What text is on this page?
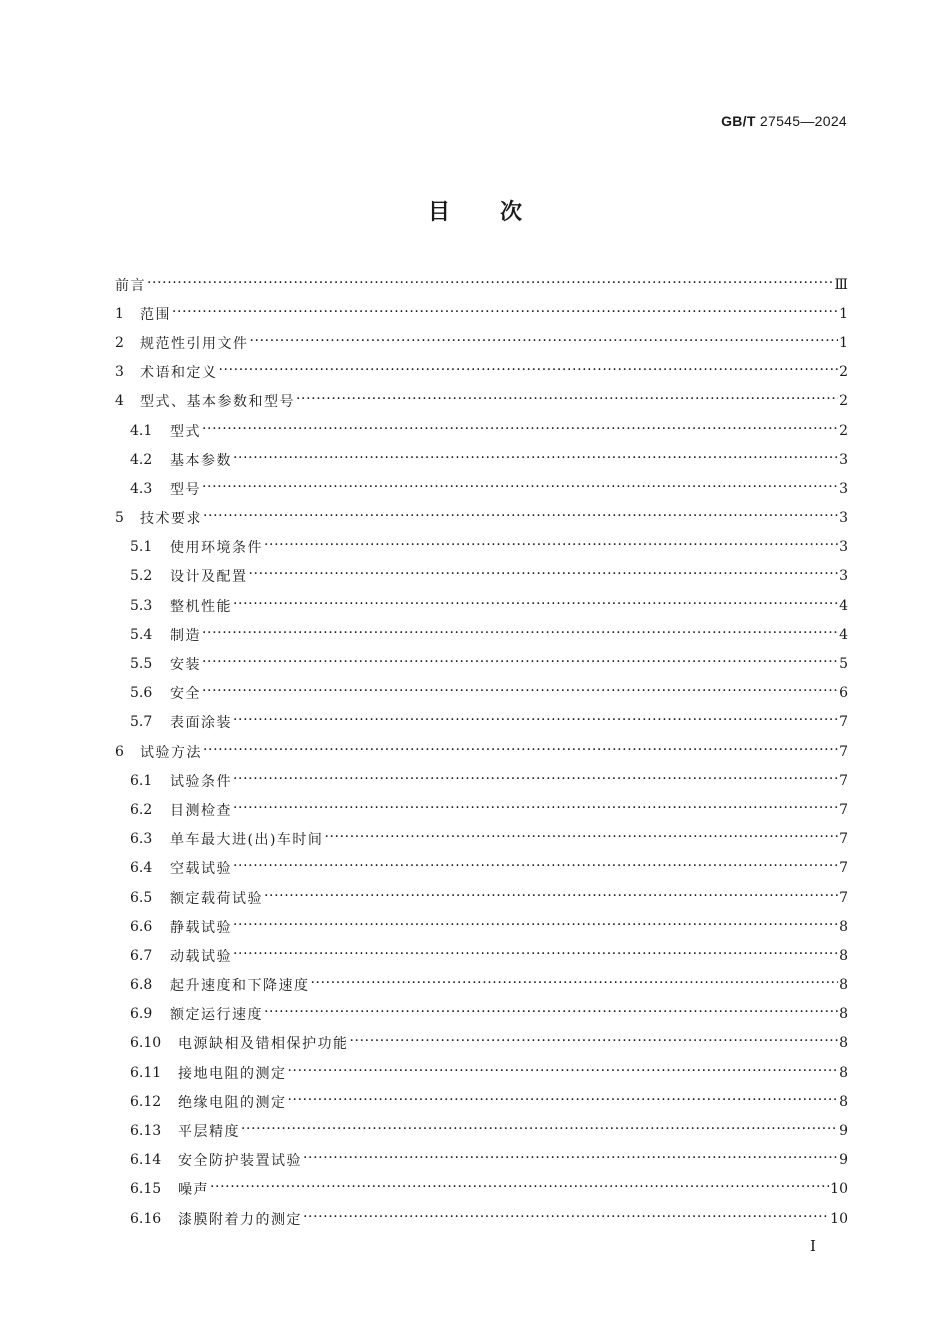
GB/T 27545—2024
目 次
前言 ·····	Ⅲ
1	范围 ·····	1
2	规范性引用文件 ·····	1
3	术语和定义 ·····	2
4	型式、基本参数和型号 ·····	2
4.1	型式 ·····	2
4.2	基本参数 ·····	3
4.3	型号 ·····	3
5	技术要求 ·····	3
5.1	使用环境条件 ·····	3
5.2	设计及配置 ·····	3
5.3	整机性能 ·····	4
5.4	制造 ·····	4
5.5	安装 ·····	5
5.6	安全 ·····	6
5.7	表面涂装 ·····	7
6	试验方法 ·····	7
6.1	试验条件 ·····	7
6.2	目测检查 ·····	7
6.3	单车最大进(出)车时间 ·····	7
6.4	空载试验 ·····	7
6.5	额定载荷试验 ·····	7
6.6	静载试验 ·····	8
6.7	动载试验 ·····	8
6.8	起升速度和下降速度 ·····	8
6.9	额定运行速度 ·····	8
6.10	电源缺相及错相保护功能 ·····	8
6.11	接地电阻的测定 ·····	8
6.12	绝缘电阻的测定 ·····	8
6.13	平层精度 ·····	9
6.14	安全防护装置试验 ·····	9
6.15	噪声 ·····	10
6.16	漆膜附着力的测定 ·····	10
Ⅰ
